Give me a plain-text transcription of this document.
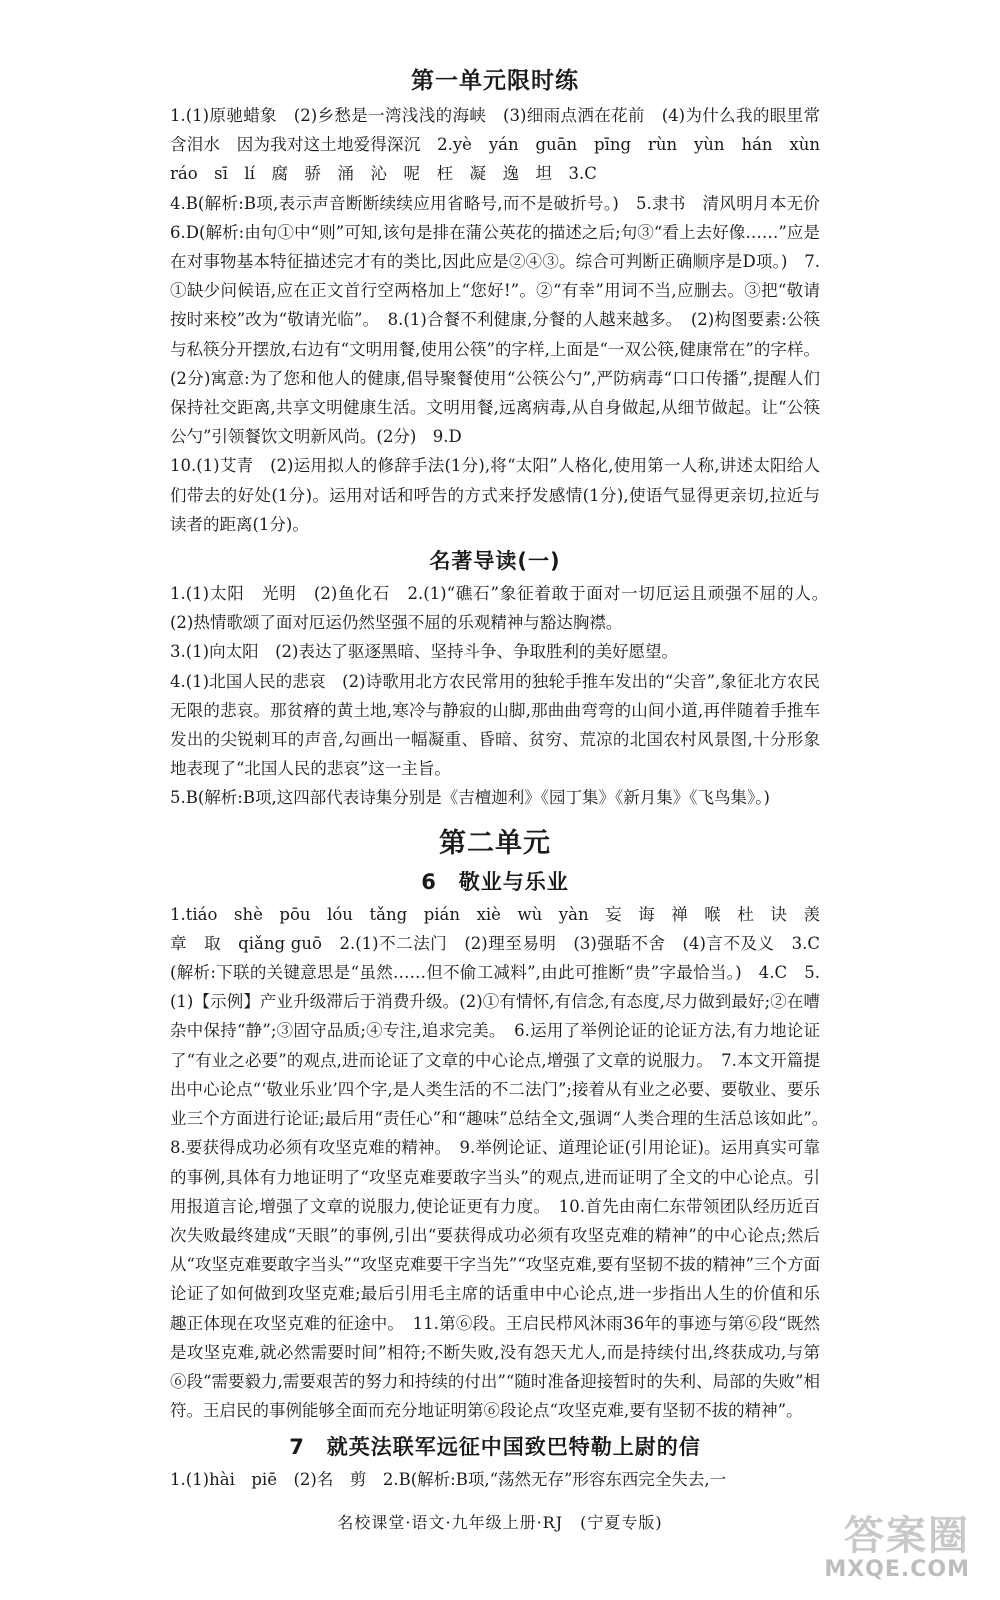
第一单元限时练

1.(1)原驰蜡象　(2)乡愁是一湾浅浅的海峡　(3)细雨点洒在花前　(4)为什么我的眼里常含泪水　因为我对这土地爱得深沉　2.yè　yán　guān　pīng　rùn　yùn　hán　xùn　ráo　sī　lí　腐　骄　涌　沁　呢　枉　凝　逸　坦　3.C

4.B(解析:B项,表示声音断断续续应用省略号,而不是破折号。)　5.隶书　清风明月本无价　6.D(解析:由句①中“则”可知,该句是排在蒲公英花的描述之后;句③“看上去好像……”应是在对事物基本特征描述完才有的类比,因此应是②④③。综合可判断正确顺序是D项。)　7.①缺少问候语,应在正文首行空两格加上“您好!”。②“有幸”用词不当,应删去。③把“敬请按时来校”改为“敬请光临”。　8.(1)合餐不利健康,分餐的人越来越多。　(2)构图要素:公筷与私筷分开摆放,右边有“文明用餐,使用公筷”的字样,上面是“一双公筷,健康常在”的字样。(2分)寓意:为了您和他人的健康,倡导聚餐使用“公筷公勺”,严防病毒“口口传播”,提醒人们保持社交距离,共享文明健康生活。文明用餐,远离病毒,从自身做起,从细节做起。让“公筷公勺”引领餐饮文明新风尚。(2分)　9.D

10.(1)艾青　(2)运用拟人的修辞手法(1分),将“太阳”人格化,使用第一人称,讲述太阳给人们带去的好处(1分)。运用对话和呼告的方式来抒发感情(1分),使语气显得更亲切,拉近与读者的距离(1分)。

名著导读(一)

1.(1)太阳　光明　(2)鱼化石　2.(1)“礁石”象征着敢于面对一切厄运且顽强不屈的人。　(2)热情歌颂了面对厄运仍然坚强不屈的乐观精神与豁达胸襟。

3.(1)向太阳　(2)表达了驱逐黑暗、坚持斗争、争取胜利的美好愿望。

4.(1)北国人民的悲哀　(2)诗歌用北方农民常用的独轮手推车发出的“尖音”,象征北方农民无限的悲哀。那贫瘠的黄土地,寒冷与静寂的山脚,那曲曲弯弯的山间小道,再伴随着手推车发出的尖锐刺耳的声音,勾画出一幅凝重、昏暗、贫穷、荒凉的北国农村风景图,十分形象地表现了“北国人民的悲哀”这一主旨。

5.B(解析:B项,这四部代表诗集分别是《吉檀迦利》《园丁集》《新月集》《飞鸟集》。)

第二单元
6　敬业与乐业

1.tiáo　shè　pōu　lóu　tǎng　pián　xiè　wù　yàn　妄　诲　禅　喉　杜　诀　羡　章　取　qiǎng guō　2.(1)不二法门　(2)理至易明　(3)强聒不舍　(4)言不及义　3.C　(解析:下联的关键意思是“虽然……但不偷工减料”,由此可推断“贵”字最恰当。)　4.C　5.(1)【示例】产业升级滞后于消费升级。(2)①有情怀,有信念,有态度,尽力做到最好;②在嘈杂中保持“静”;③固守品质;④专注,追求完美。　6.运用了举例论证的论证方法,有力地论证了“有业之必要”的观点,进而论证了文章的中心论点,增强了文章的说服力。　7.本文开篇提出中心论点“‘敬业乐业’四个字,是人类生活的不二法门”;接着从有业之必要、要敬业、要乐业三个方面进行论证;最后用“责任心”和“趣味”总结全文,强调“人类合理的生活总该如此”。　8.要获得成功必须有攻坚克难的精神。　9.举例论证、道理论证(引用论证)。运用真实可靠的事例,具体有力地证明了“攻坚克难要敢字当头”的观点,进而证明了全文的中心论点。引用报道言论,增强了文章的说服力,使论证更有力度。　10.首先由南仁东带领团队经历近百次失败最终建成“天眼”的事例,引出“要获得成功必须有攻坚克难的精神”的中心论点;然后从“攻坚克难要敢字当头”“攻坚克难要干字当先”“攻坚克难,要有坚韧不拔的精神”三个方面论证了如何做到攻坚克难;最后引用毛主席的话重申中心论点,进一步指出人生的价值和乐趣正体现在攻坚克难的征途中。　11.第⑥段。王启民栉风沐雨36年的事迹与第⑥段“既然是攻坚克难,就必然需要时间”相符;不断失败,没有怨天尤人,而是持续付出,终获成功,与第⑥段“需要毅力,需要艰苦的努力和持续的付出”“随时准备迎接暂时的失利、局部的失败”相符。王启民的事例能够全面而充分地证明第⑥段论点“攻坚克难,要有坚韧不拔的精神”。

7　就英法联军远征中国致巴特勒上尉的信

1.(1)hài　piē　(2)名　剪　2.B(解析:B项,“荡然无存”形容东西完全失去,一

名校课堂·语文·九年级上册·RJ　(宁夏专版)	答案圈
MXQE.COM
